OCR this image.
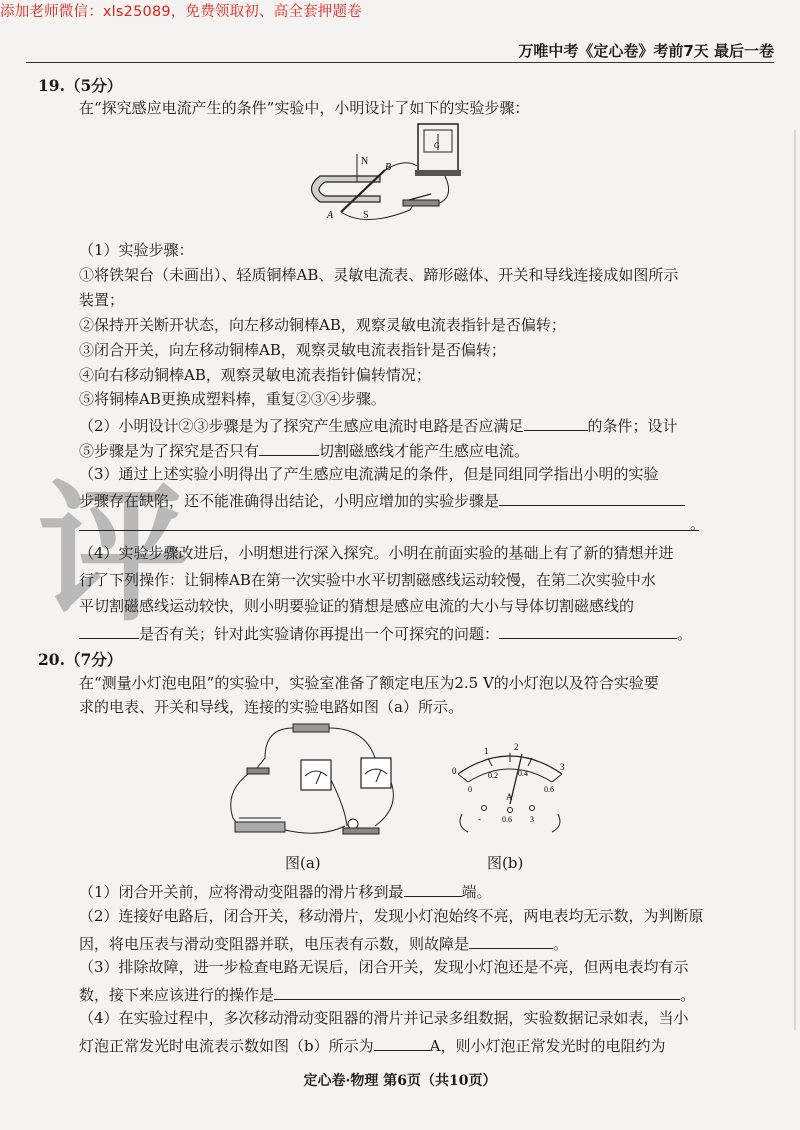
添加老师微信：xls25089，免费领取初、高全套押题卷
万唯中考《定心卷》考前7天 最后一卷
评
19.（5分）
在“探究感应电流产生的条件”实验中，小明设计了如下的实验步骤：
N
S
A
B
G
（1）实验步骤：
①将铁架台（未画出）、轻质铜棒AB、灵敏电流表、蹄形磁体、开关和导线连接成如图所示
装置；
②保持开关断开状态，向左移动铜棒AB，观察灵敏电流表指针是否偏转；
③闭合开关，向左移动铜棒AB，观察灵敏电流表指针是否偏转；
④向右移动铜棒AB，观察灵敏电流表指针偏转情况；
⑤将铜棒AB更换成塑料棒，重复②③④步骤。
（2）小明设计②③步骤是为了探究产生感应电流时电路是否应满足	的条件；设计
⑤步骤是为了探究是否只有	切割磁感线才能产生感应电流。
（3）通过上述实验小明得出了产生感应电流满足的条件，但是同组同学指出小明的实验
步骤存在缺陷，还不能准确得出结论，小明应增加的实验步骤是
。
（4）实验步骤改进后，小明想进行深入探究。小明在前面实验的基础上有了新的猜想并进
行了下列操作：让铜棒AB在第一次实验中水平切割磁感线运动较慢，在第二次实验中水
平切割磁感线运动较快，则小明要验证的猜想是感应电流的大小与导体切割磁感线的
是否有关；针对此实验请你再提出一个可探究的问题：	。
20.（7分）
在“测量小灯泡电阻”的实验中，实验室准备了额定电压为2.5 V的小灯泡以及符合实验要
求的电表、开关和导线，连接的实验电路如图（a）所示。
图(a)
0
1	2
3
0
0.2	0.4
0.6
A
-	0.6 3
图(b)
（1）闭合开关前，应将滑动变阻器的滑片移到最	端。
（2）连接好电路后，闭合开关，移动滑片，发现小灯泡始终不亮，两电表均无示数，为判断原
因，将电压表与滑动变阻器并联，电压表有示数，则故障是	。
（3）排除故障，进一步检查电路无误后，闭合开关，发现小灯泡还是不亮，但两电表均有示
数，接下来应该进行的操作是	。
（4）在实验过程中，多次移动滑动变阻器的滑片并记录多组数据，实验数据记录如表，当小
灯泡正常发光时电流表示数如图（b）所示为	A，则小灯泡正常发光时的电阻约为
定心卷·物理 第6页（共10页）
